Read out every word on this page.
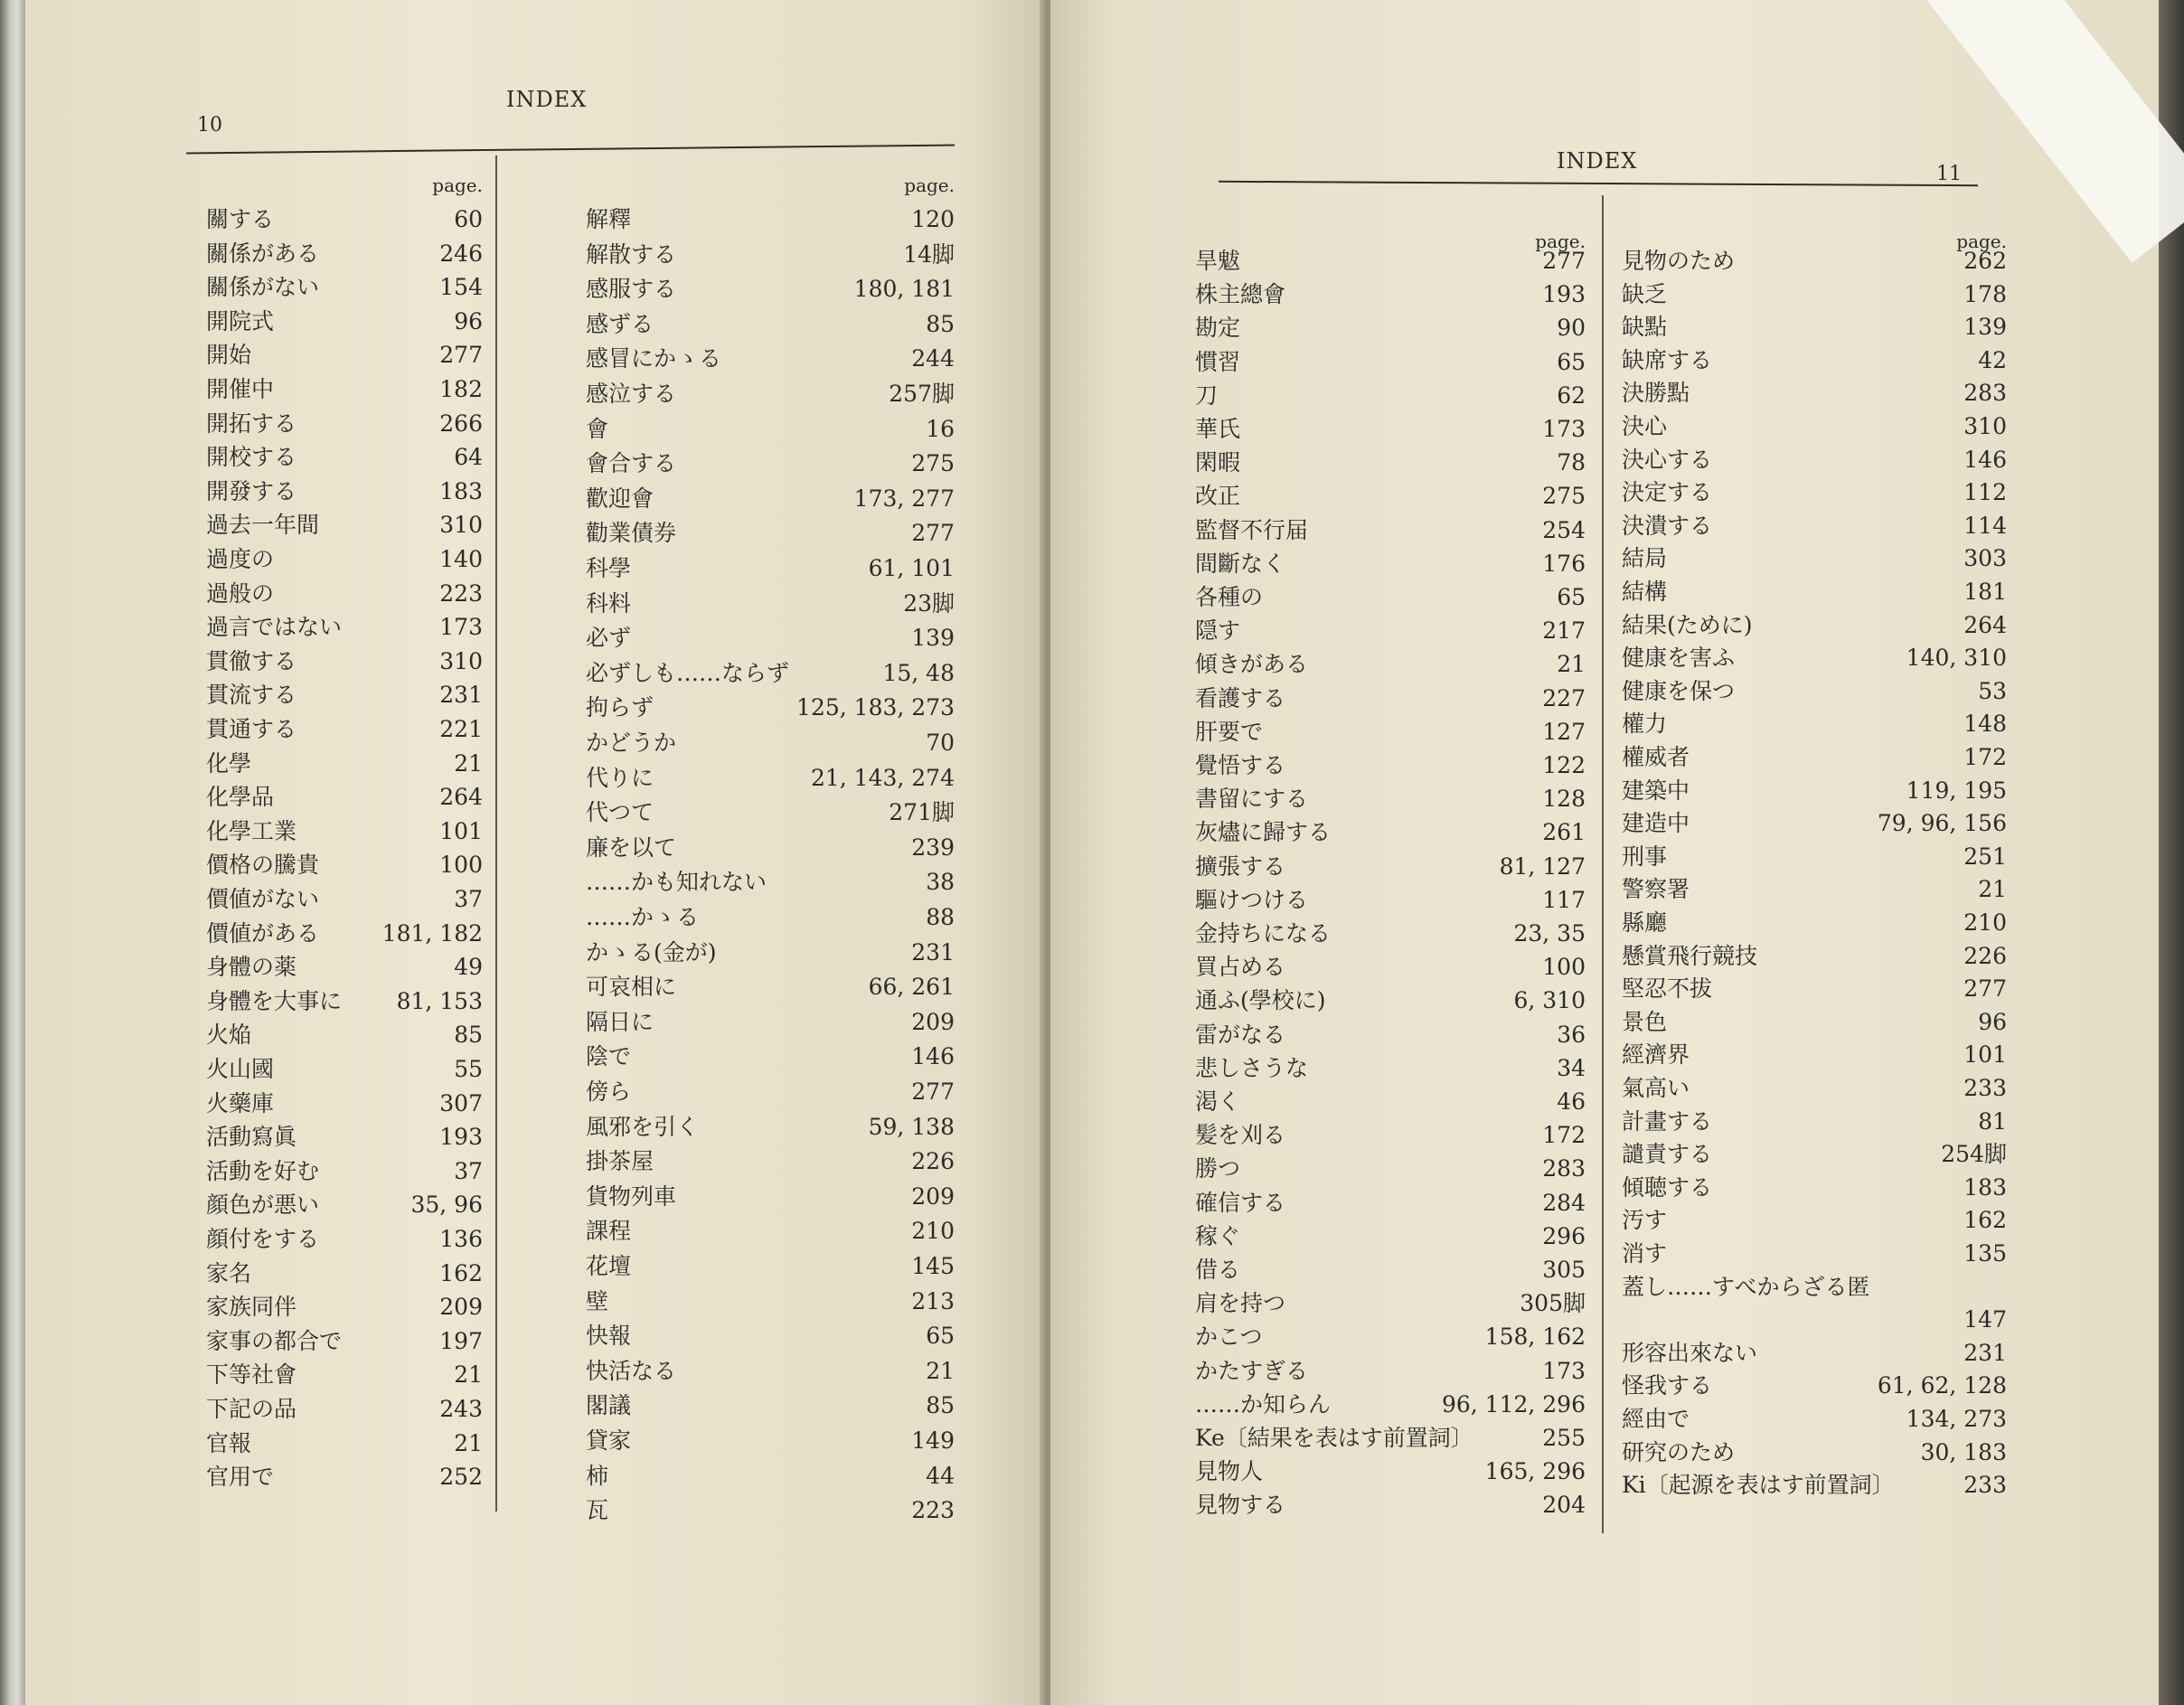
10
INDEX
page.
關する	60
關係がある	246
關係がない	154
開院式	96
開始	277
開催中	182
開拓する	266
開校する	64
開發する	183
過去一年間	310
過度の	140
過般の	223
過言ではない	173
貫徹する	310
貫流する	231
貫通する	221
化學	21
化學品	264
化學工業	101
價格の騰貴	100
價値がない	37
價値がある	181, 182
身體の薬	49
身體を大事に 81, 153
火焔	85
火山國	55
火藥庫	307
活動寫眞	193
活動を好む	37
顔色が悪い	35, 96
顔付をする	136
家名	162
家族同伴	209
家事の都合で	197
下等社會	21
下記の品	243
官報	21
官用で	252
page.
解釋	120
解散する	14脚
感服する	180, 181
感ずる	85
感冒にかゝる	244
感泣する	257脚
會	16
會合する	275
歡迎會	173, 277
勸業債券	277
科學	61, 101
科料	23脚
必ず	139
必ずしも……ならず	15, 48
拘らず	125, 183, 273
かどうか	70
代りに	21, 143, 274
代つて	271脚
廉を以て	239
……かも知れない	38
……かゝる	88
かゝる(金が)	231
可哀相に	66, 261
隔日に	209
陰で	146
傍ら	277
風邪を引く	59, 138
掛茶屋	226
貨物列車	209
課程	210
花壇	145
壁	213
快報	65
快活なる	21
閣議	85
貸家	149
柿	44
瓦	223
INDEX
11
page.
旱魃	277
株主總會	193
勘定	90
慣習	65
刀	62
華氏	173
閑暇	78
改正	275
監督不行届	254
間斷なく	176
各種の	65
隠す	217
傾きがある	21
看護する	227
肝要で	127
覺悟する	122
書留にする	128
灰燼に歸する	261
擴張する	81, 127
驅けつける	117
金持ちになる	23, 35
買占める	100
通ふ(學校に)	6, 310
雷がなる	36
悲しさうな	34
渇く	46
髪を刈る	172
勝つ	283
確信する	284
稼ぐ	296
借る	305
肩を持つ	305脚
かこつ	158, 162
かたすぎる	173
……か知らん	96, 112, 296
Ke〔結果を表はす前置詞〕	255
見物人	165, 296
見物する	204
page.
見物のため	262
缺乏	178
缺點	139
缺席する	42
決勝點	283
決心	310
決心する	146
決定する	112
決潰する	114
結局	303
結構	181
結果(ために)	264
健康を害ふ	140, 310
健康を保つ	53
權力	148
權威者	172
建築中	119, 195
建造中	79, 96, 156
刑事	251
警察署	21
縣廳	210
懸賞飛行競技	226
堅忍不拔	277
景色	96
經濟界	101
氣高い	233
計畫する	81
譴責する	254脚
傾聴する	183
汚す	162
消す	135
蓋し……すべからざる匿
147
形容出來ない	231
怪我する	61, 62, 128
經由で	134, 273
研究のため	30, 183
Ki〔起源を表はす前置詞〕	233
